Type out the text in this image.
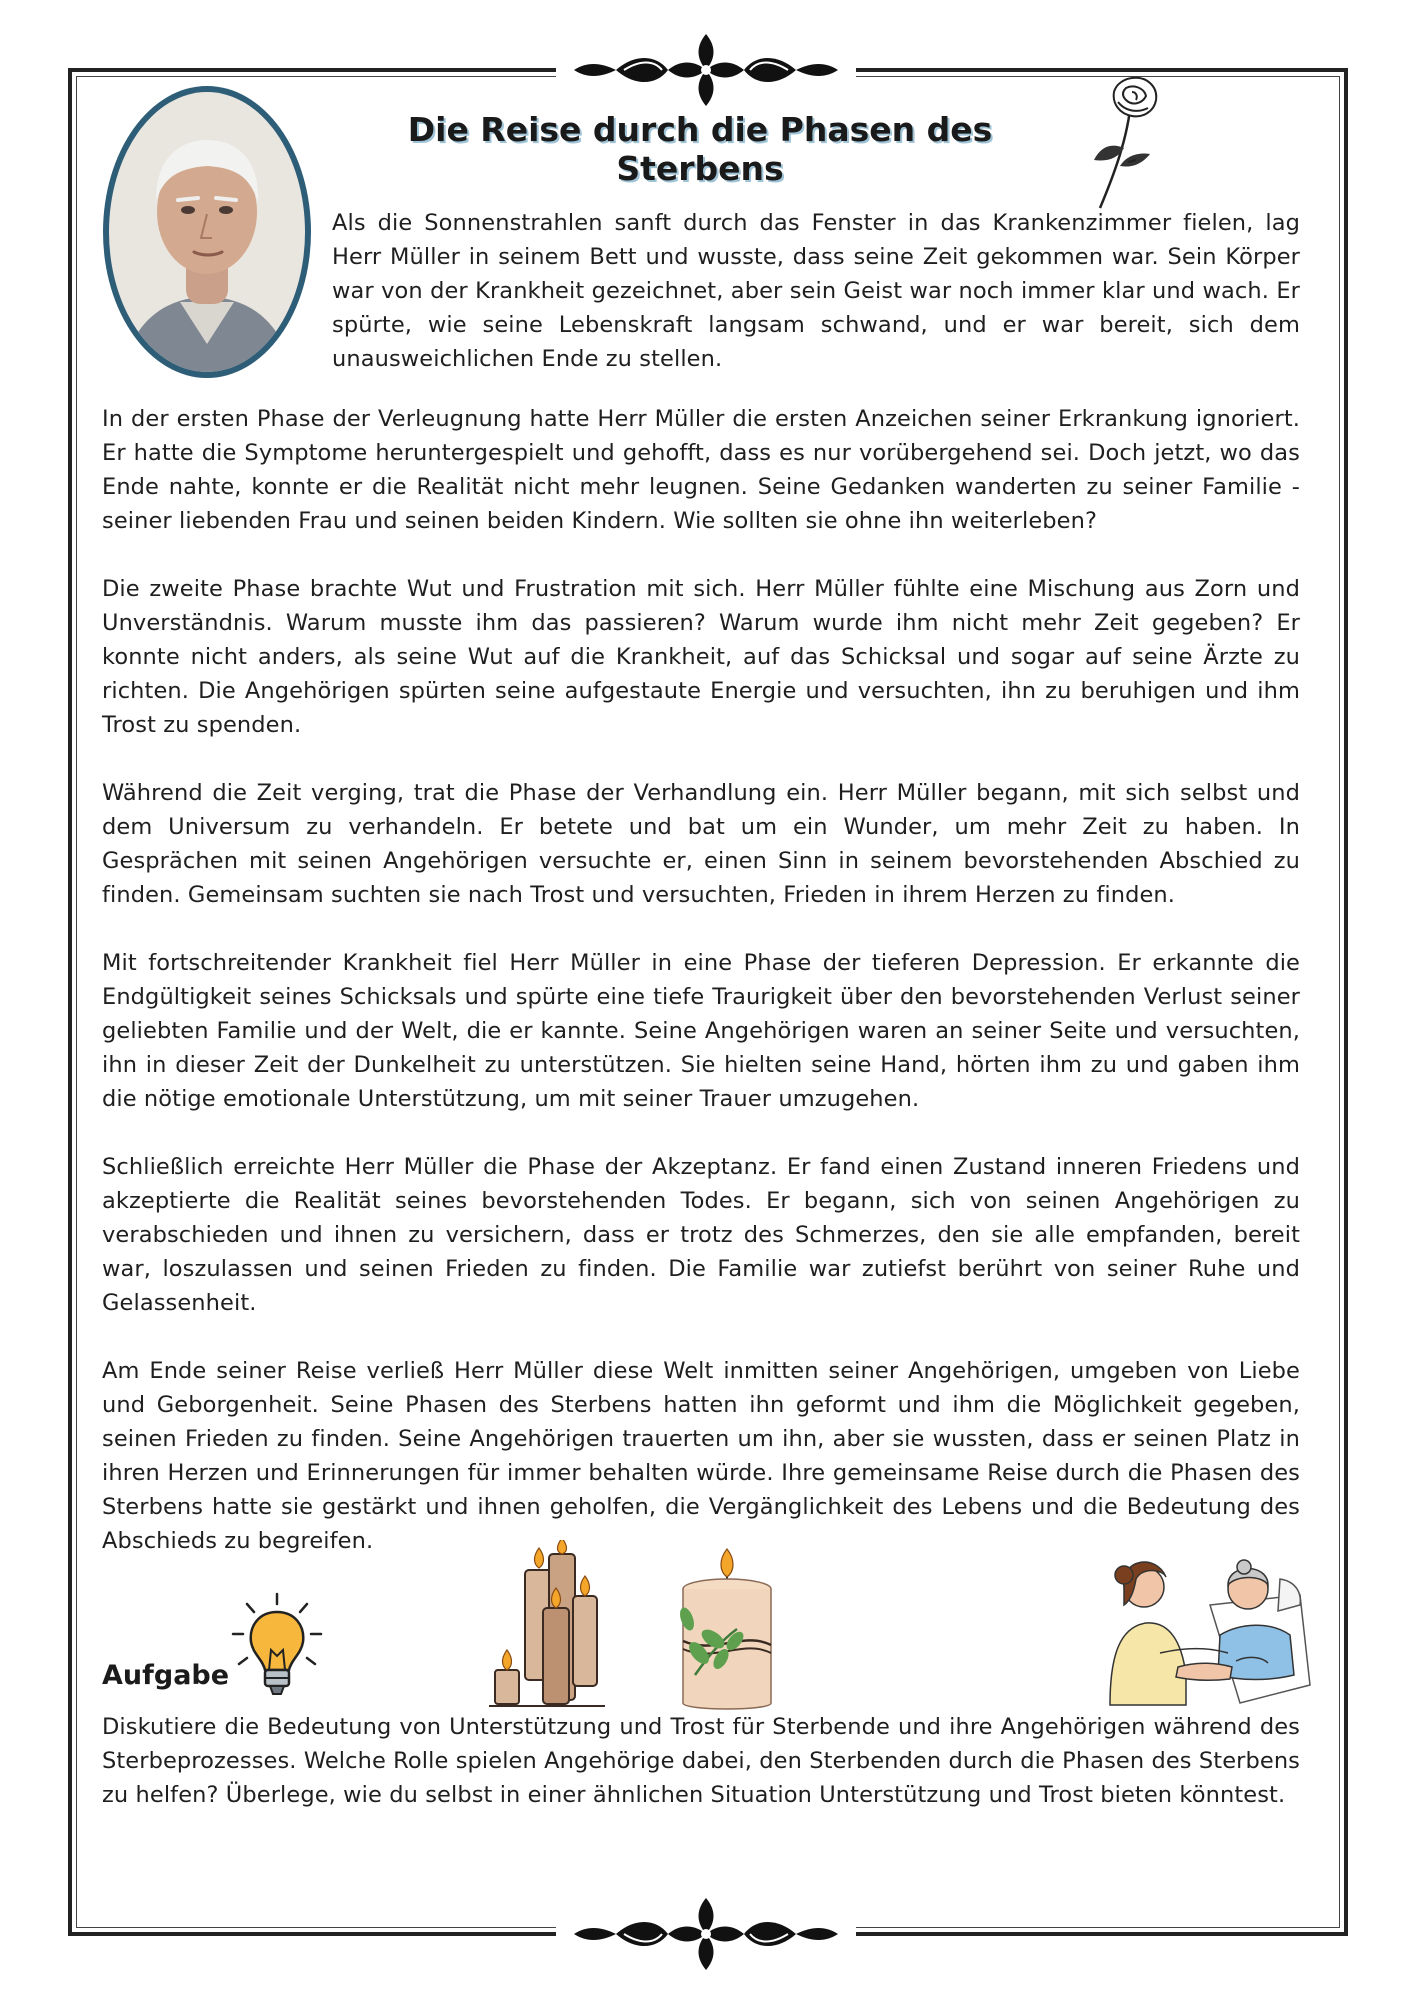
Die Reise durch die Phasen des Sterbens

Als die Sonnenstrahlen sanft durch das Fenster in das Krankenzimmer fielen, lag Herr Müller in seinem Bett und wusste, dass seine Zeit gekommen war. Sein Körper war von der Krankheit gezeichnet, aber sein Geist war noch immer klar und wach. Er spürte, wie seine Lebenskraft langsam schwand, und er war bereit, sich dem unausweichlichen Ende zu stellen.

In der ersten Phase der Verleugnung hatte Herr Müller die ersten Anzeichen seiner Erkrankung ignoriert. Er hatte die Symptome heruntergespielt und gehofft, dass es nur vorübergehend sei. Doch jetzt, wo das Ende nahte, konnte er die Realität nicht mehr leugnen. Seine Gedanken wanderten zu seiner Familie - seiner liebenden Frau und seinen beiden Kindern. Wie sollten sie ohne ihn weiterleben?

Die zweite Phase brachte Wut und Frustration mit sich. Herr Müller fühlte eine Mischung aus Zorn und Unverständnis. Warum musste ihm das passieren? Warum wurde ihm nicht mehr Zeit gegeben? Er konnte nicht anders, als seine Wut auf die Krankheit, auf das Schicksal und sogar auf seine Ärzte zu richten. Die Angehörigen spürten seine aufgestaute Energie und versuchten, ihn zu beruhigen und ihm Trost zu spenden.

Während die Zeit verging, trat die Phase der Verhandlung ein. Herr Müller begann, mit sich selbst und dem Universum zu verhandeln. Er betete und bat um ein Wunder, um mehr Zeit zu haben. In Gesprächen mit seinen Angehörigen versuchte er, einen Sinn in seinem bevorstehenden Abschied zu finden. Gemeinsam suchten sie nach Trost und versuchten, Frieden in ihrem Herzen zu finden.

Mit fortschreitender Krankheit fiel Herr Müller in eine Phase der tieferen Depression. Er erkannte die Endgültigkeit seines Schicksals und spürte eine tiefe Traurigkeit über den bevorstehenden Verlust seiner geliebten Familie und der Welt, die er kannte. Seine Angehörigen waren an seiner Seite und versuchten, ihn in dieser Zeit der Dunkelheit zu unterstützen. Sie hielten seine Hand, hörten ihm zu und gaben ihm die nötige emotionale Unterstützung, um mit seiner Trauer umzugehen.

Schließlich erreichte Herr Müller die Phase der Akzeptanz. Er fand einen Zustand inneren Friedens und akzeptierte die Realität seines bevorstehenden Todes. Er begann, sich von seinen Angehörigen zu verabschieden und ihnen zu versichern, dass er trotz des Schmerzes, den sie alle empfanden, bereit war, loszulassen und seinen Frieden zu finden. Die Familie war zutiefst berührt von seiner Ruhe und Gelassenheit.

Am Ende seiner Reise verließ Herr Müller diese Welt inmitten seiner Angehörigen, umgeben von Liebe und Geborgenheit. Seine Phasen des Sterbens hatten ihn geformt und ihm die Möglichkeit gegeben, seinen Frieden zu finden. Seine Angehörigen trauerten um ihn, aber sie wussten, dass er seinen Platz in ihren Herzen und Erinnerungen für immer behalten würde. Ihre gemeinsame Reise durch die Phasen des Sterbens hatte sie gestärkt und ihnen geholfen, die Vergänglichkeit des Lebens und die Bedeutung des Abschieds zu begreifen.

Aufgabe

Diskutiere die Bedeutung von Unterstützung und Trost für Sterbende und ihre Angehörigen während des Sterbeprozesses. Welche Rolle spielen Angehörige dabei, den Sterbenden durch die Phasen des Sterbens zu helfen? Überlege, wie du selbst in einer ähnlichen Situation Unterstützung und Trost bieten könntest.
